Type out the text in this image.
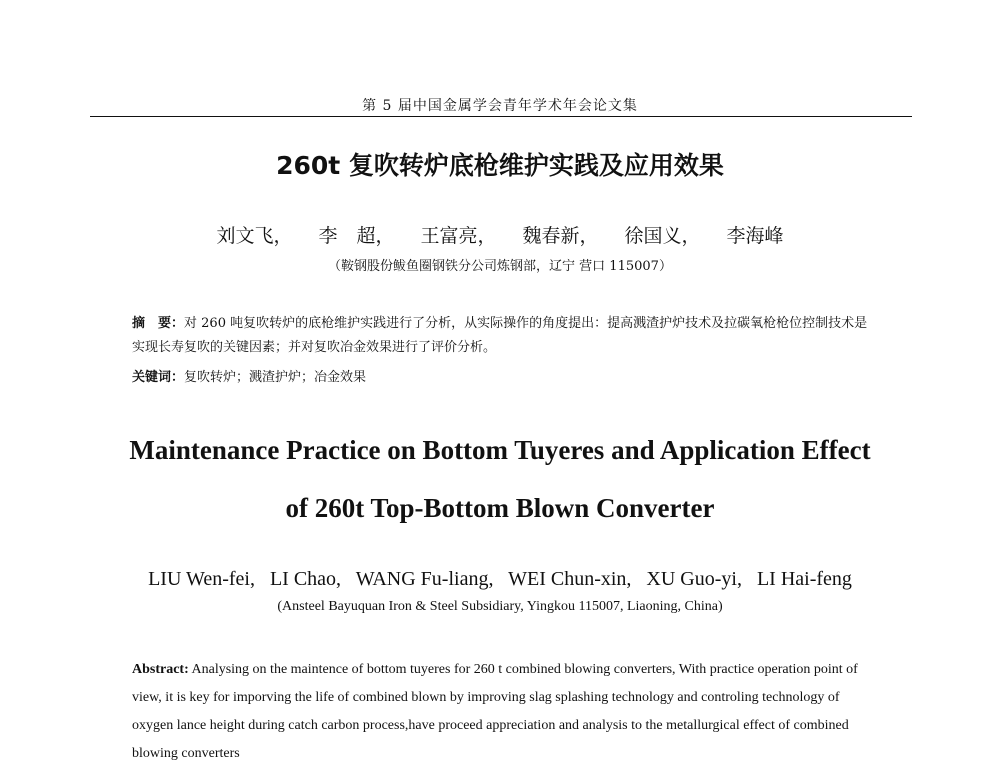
第 5 届中国金属学会青年学术年会论文集
260t 复吹转炉底枪维护实践及应用效果
刘文飞， 李　超， 王富亮， 魏春新， 徐国义， 李海峰
（鞍钢股份鲅鱼圈钢铁分公司炼钢部，辽宁 营口 115007）
摘　要：对 260 吨复吹转炉的底枪维护实践进行了分析，从实际操作的角度提出：提高溅渣护炉技术及拉碳氧枪枪位控制技术是实现长寿复吹的关键因素；并对复吹冶金效果进行了评价分析。
关键词：复吹转炉；溅渣护炉；冶金效果
Maintenance Practice on Bottom Tuyeres and Application Effect
of 260t Top-Bottom Blown Converter
LIU Wen-fei,   LI Chao,   WANG Fu-liang,   WEI Chun-xin,   XU Guo-yi,   LI Hai-feng
(Ansteel Bayuquan Iron & Steel Subsidiary, Yingkou 115007, Liaoning, China)
Abstract: Analysing on the maintence of bottom tuyeres for 260 t combined blowing converters, With practice operation point of view, it is key for imporving the life of combined blown by improving slag splashing technology and controling technology of oxygen lance height during catch carbon process,have proceed appreciation and analysis to the metallurgical effect of combined blowing converters
